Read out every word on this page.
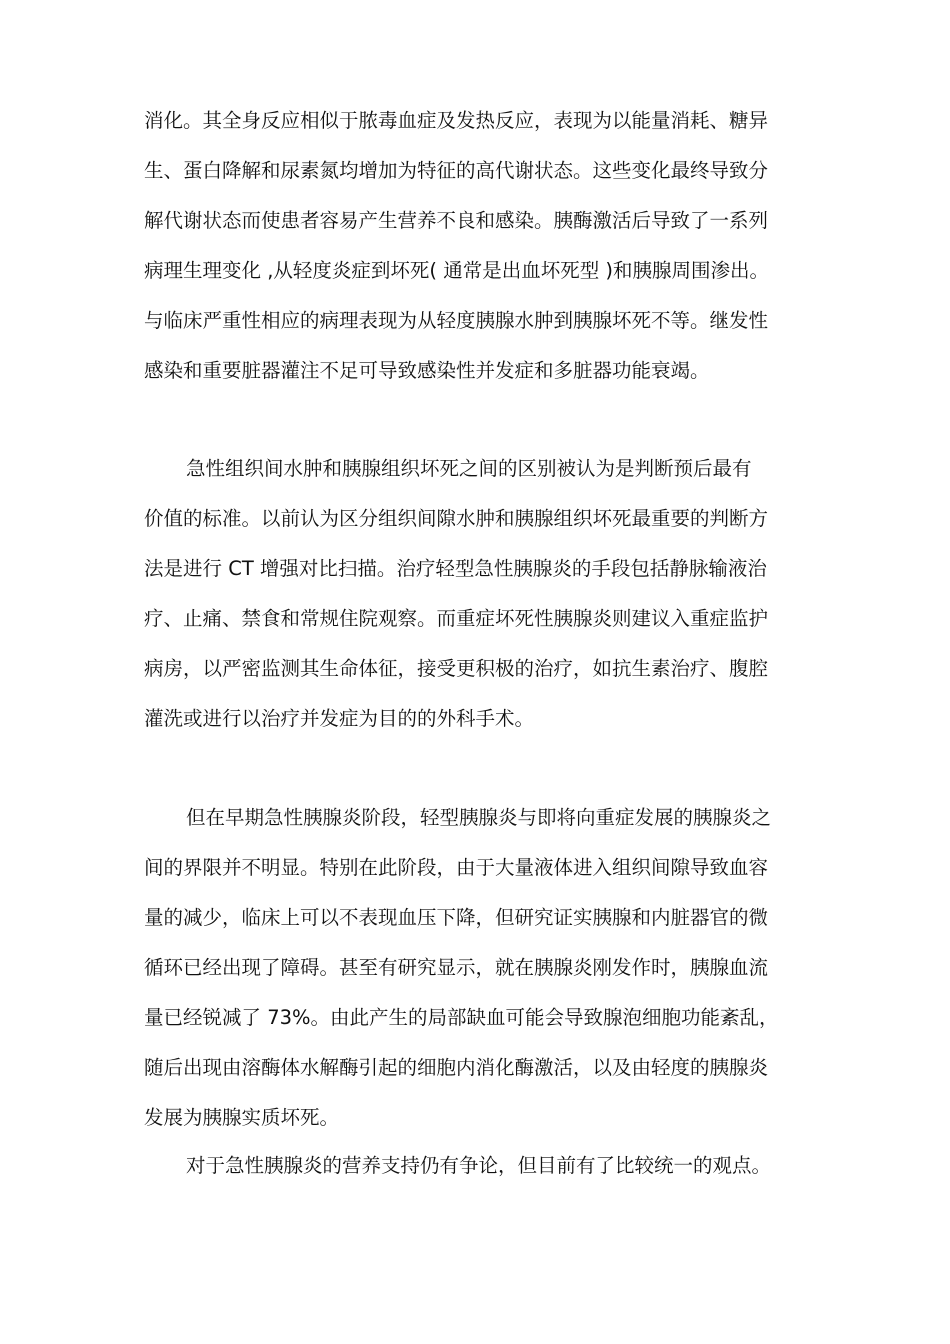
消化。其全身反应相似于脓毒血症及发热反应，表现为以能量消耗、糖异
生、蛋白降解和尿素氮均增加为特征的高代谢状态。这些变化最终导致分
解代谢状态而使患者容易产生营养不良和感染。胰酶激活后导致了一系列
病理生理变化 ,从轻度炎症到坏死( 通常是出血坏死型 )和胰腺周围渗出。
与临床严重性相应的病理表现为从轻度胰腺水肿到胰腺坏死不等。继发性
感染和重要脏器灌注不足可导致感染性并发症和多脏器功能衰竭。
急性组织间水肿和胰腺组织坏死之间的区别被认为是判断预后最有
价值的标准。以前认为区分组织间隙水肿和胰腺组织坏死最重要的判断方
法是进行 CT 增强对比扫描。治疗轻型急性胰腺炎的手段包括静脉输液治
疗、止痛、禁食和常规住院观察。而重症坏死性胰腺炎则建议入重症监护
病房，以严密监测其生命体征，接受更积极的治疗，如抗生素治疗、腹腔
灌洗或进行以治疗并发症为目的的外科手术。
但在早期急性胰腺炎阶段，轻型胰腺炎与即将向重症发展的胰腺炎之
间的界限并不明显。特别在此阶段，由于大量液体进入组织间隙导致血容
量的减少，临床上可以不表现血压下降，但研究证实胰腺和内脏器官的微
循环已经出现了障碍。甚至有研究显示，就在胰腺炎刚发作时，胰腺血流
量已经锐减了 73%。由此产生的局部缺血可能会导致腺泡细胞功能紊乱，
随后出现由溶酶体水解酶引起的细胞内消化酶激活，以及由轻度的胰腺炎
发展为胰腺实质坏死。
对于急性胰腺炎的营养支持仍有争论，但目前有了比较统一的观点。
